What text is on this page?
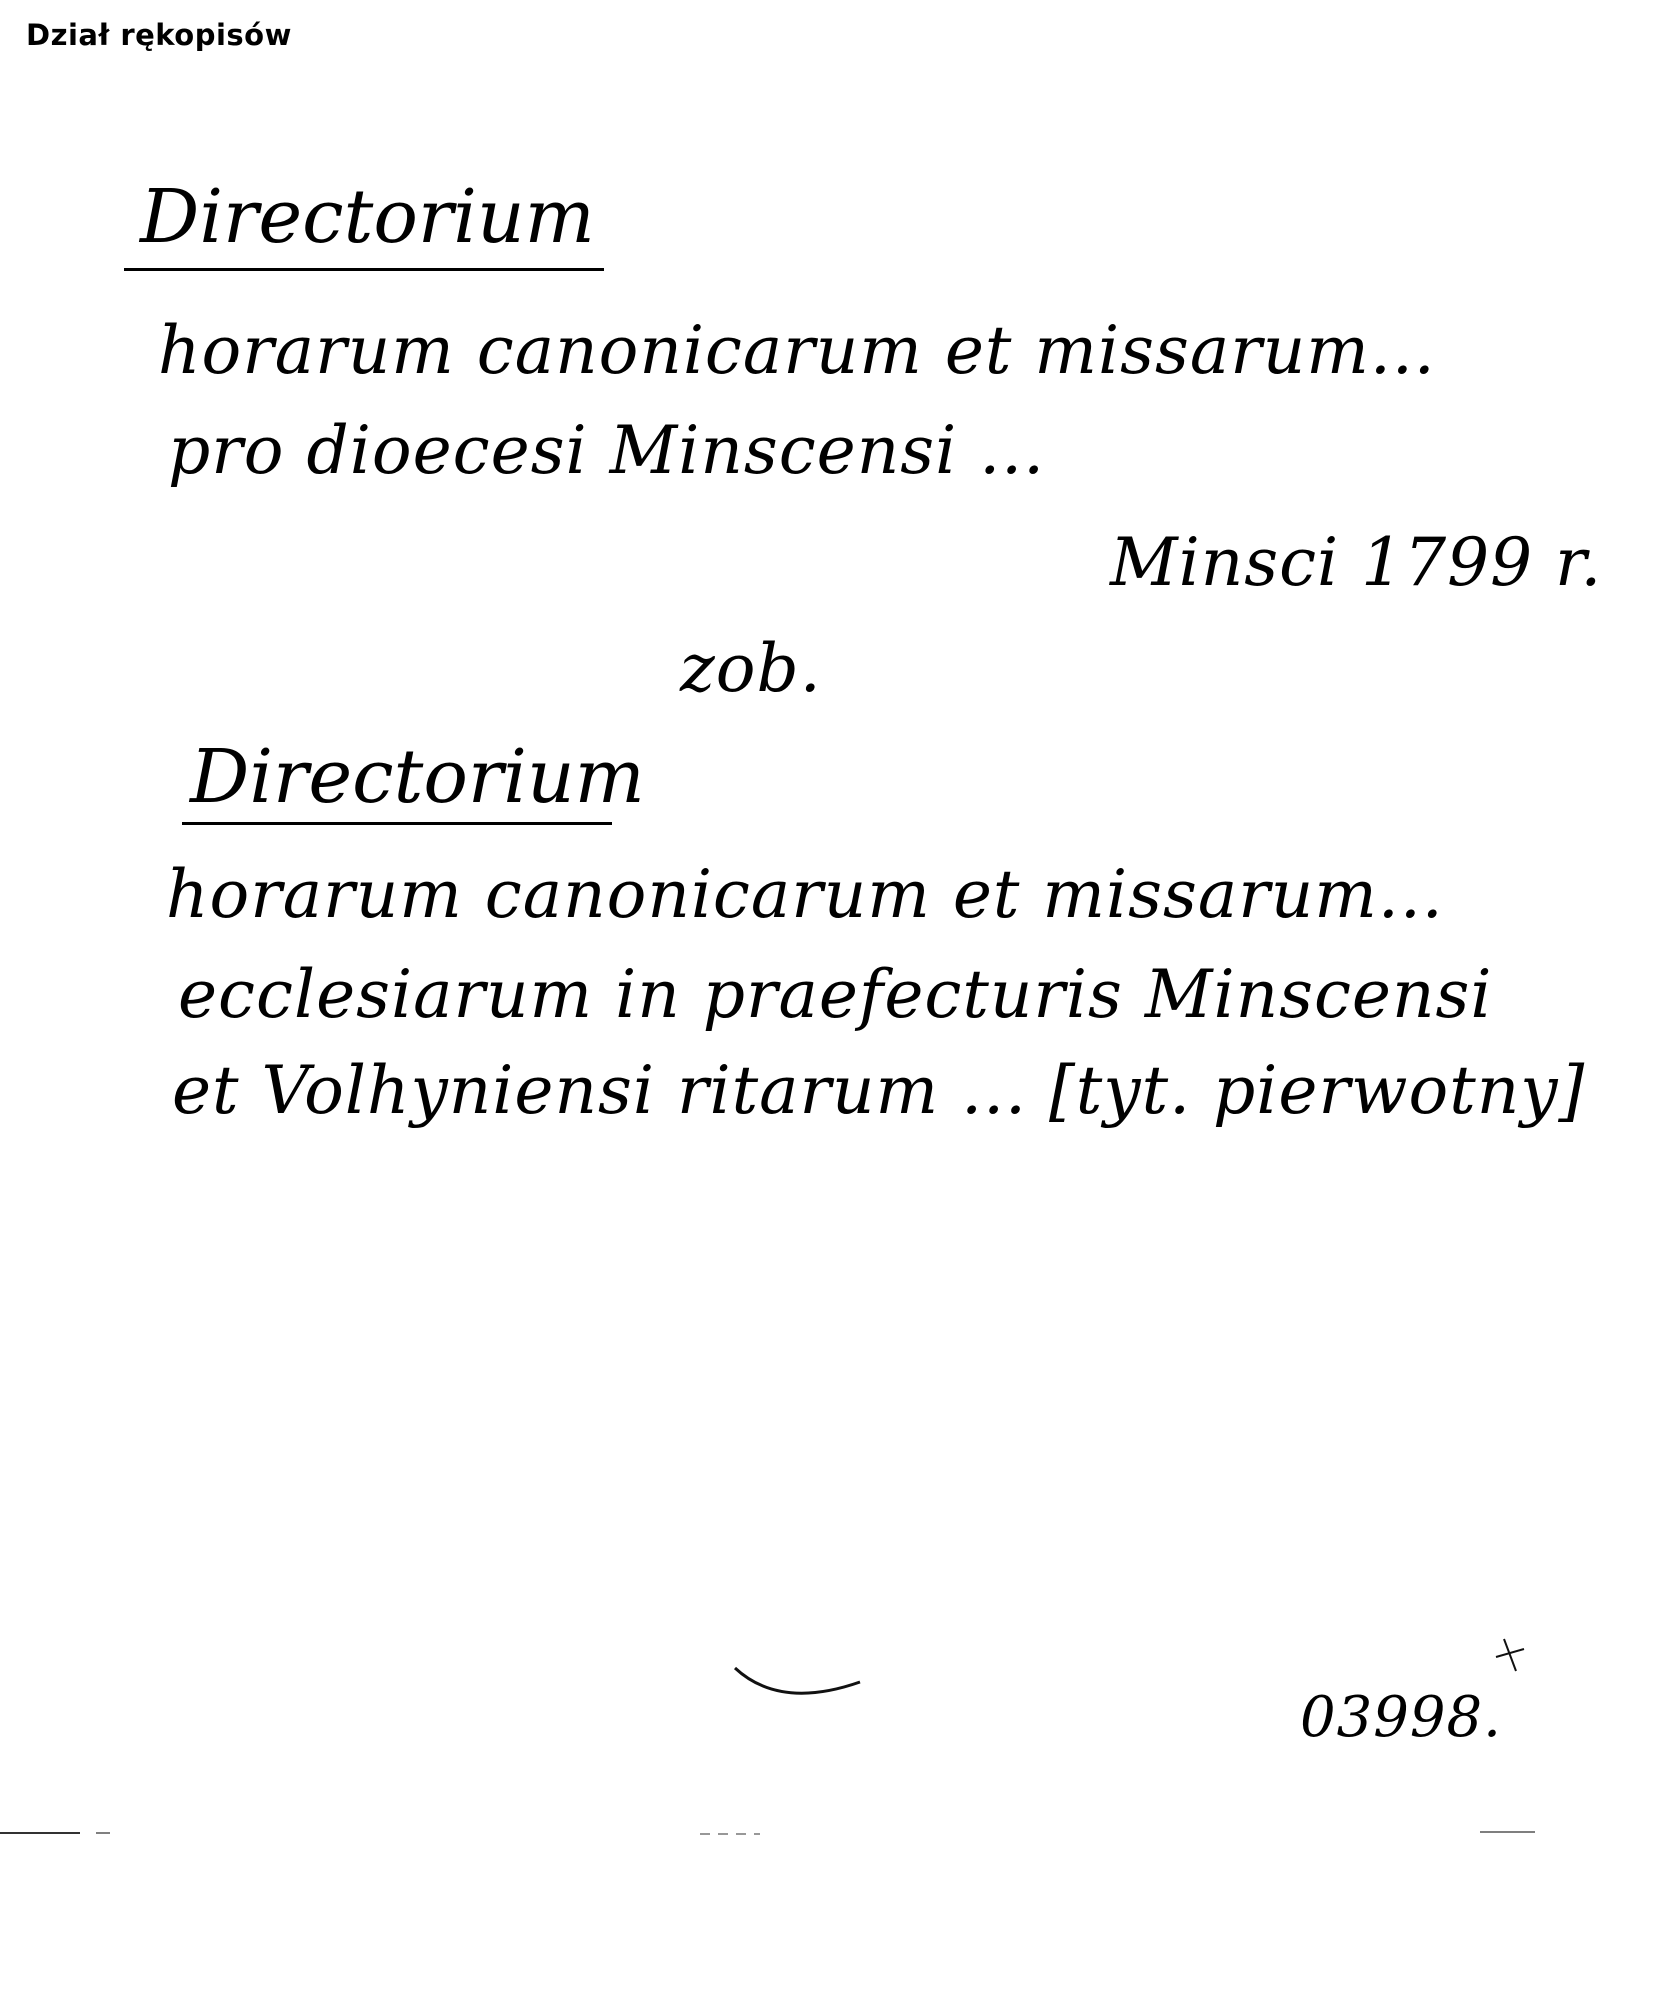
Dział rękopisów
Directorium
horarum canonicarum et missarum...
pro dioecesi Minscensi ...
Minsci 1799 r.
zob.
Directorium
horarum canonicarum et missarum...
ecclesiarum in praefecturis Minscensi
et Volhyniensi ritarum ... [tyt. pierwotny]
03998.
